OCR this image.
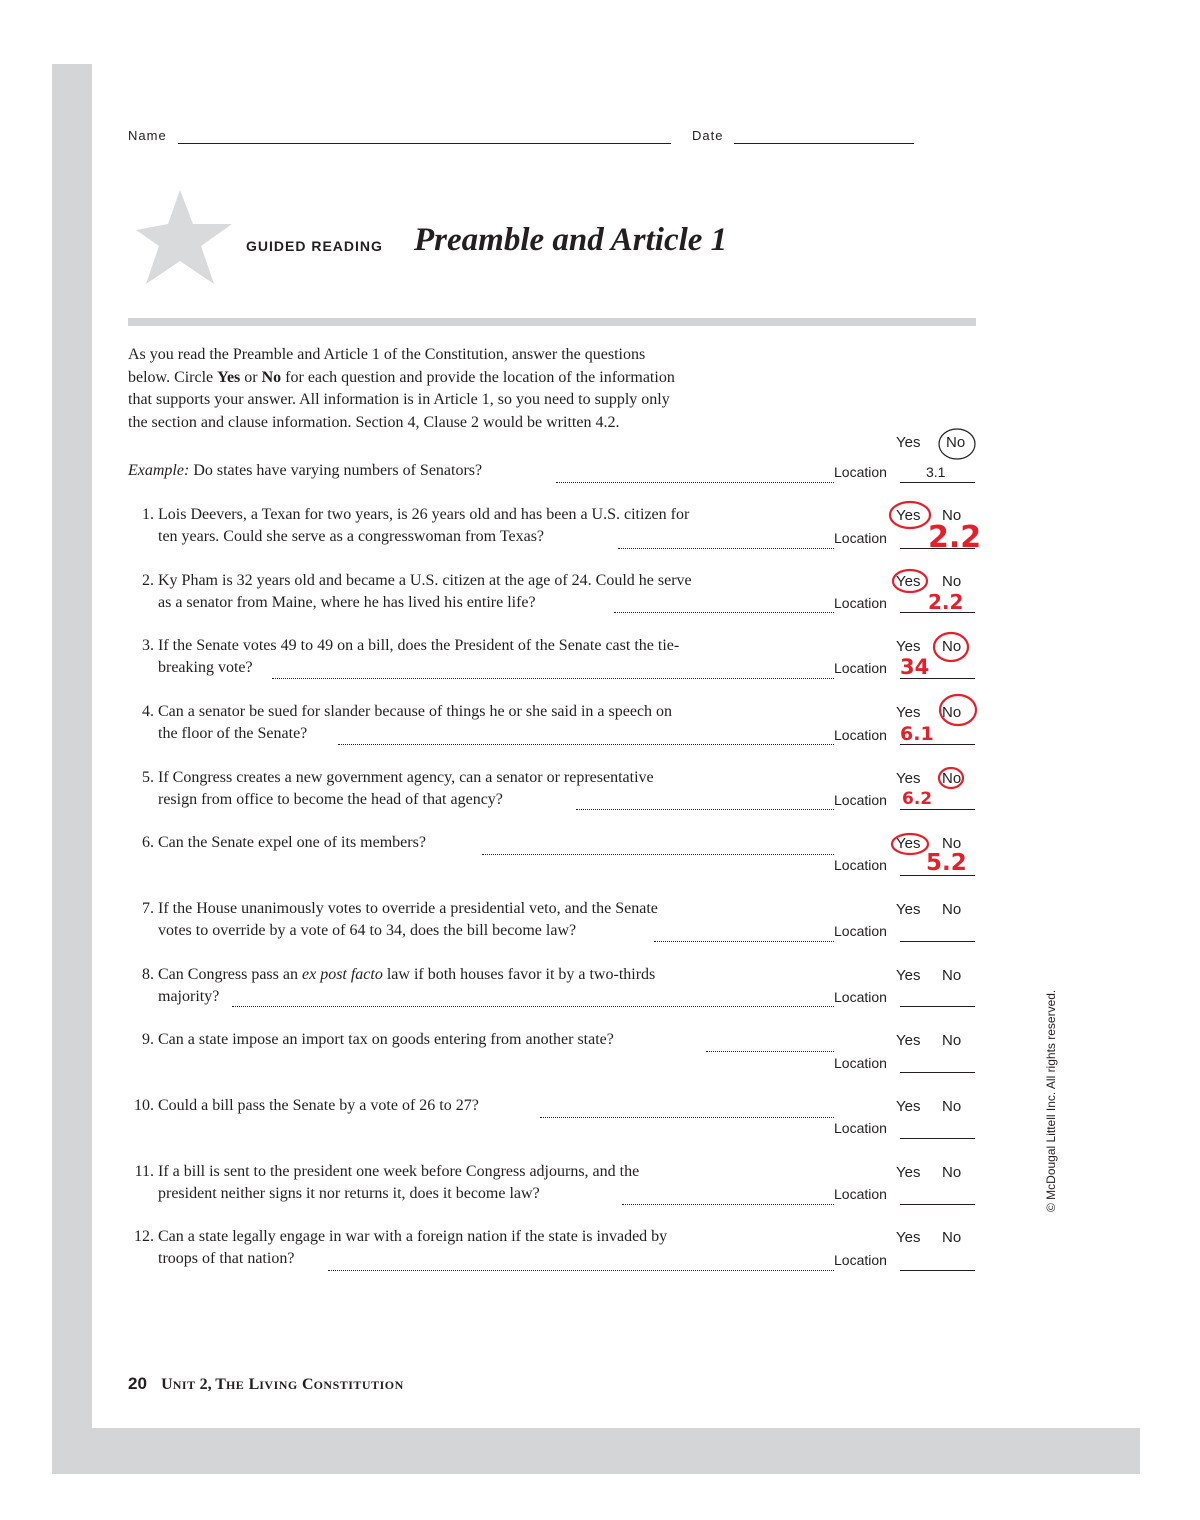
Name	Date
GUIDED READING Preamble and Article 1

As you read the Preamble and Article 1 of the Constitution, answer the questions

below. Circle Yes or No for each question and provide the location of the information

that supports your answer. All information is in Article 1, so you need to supply only

the section and clause information. Section 4, Clause 2 would be written 4.2.

Yes No
Example: Do states have varying numbers of Senators?	Location	3.1
1. Lois Deevers, a Texan for two years, is 26 years old and has been a U.S. citizen for
ten years. Could she serve as a congresswoman from Texas?
Yes No
Location 2.2
2. Ky Pham is 32 years old and became a U.S. citizen at the age of 24. Could he serve
as a senator from Maine, where he has lived his entire life?
Yes No
Location 2.2
3. If the Senate votes 49 to 49 on a bill, does the President of the Senate cast the tie-
breaking vote?
Yes No
Location 34
4. Can a senator be sued for slander because of things he or she said in a speech on
the floor of the Senate?
Yes No
Location 6.1
5. If Congress creates a new government agency, can a senator or representative
resign from office to become the head of that agency?
Yes No
Location 6.2
6. Can the Senate expel one of its members?	Yes No
Location 5.2
7. If the House unanimously votes to override a presidential veto, and the Senate
votes to override by a vote of 64 to 34, does the bill become law?
Yes No
Location
8. Can Congress pass an ex post facto law if both houses favor it by a two-thirds
majority?
Yes No
Location
9. Can a state impose an import tax on goods entering from another state?	Yes No
Location
10. Could a bill pass the Senate by a vote of 26 to 27?	Yes No
Location
11. If a bill is sent to the president one week before Congress adjourns, and the
president neither signs it nor returns it, does it become law?
Yes No
Location
12. Can a state legally engage in war with a foreign nation if the state is invaded by
troops of that nation?
Yes No
Location
20 UNIT 2, THE LIVING CONSTITUTION
© McDougal Littell Inc. All rights reserved.
